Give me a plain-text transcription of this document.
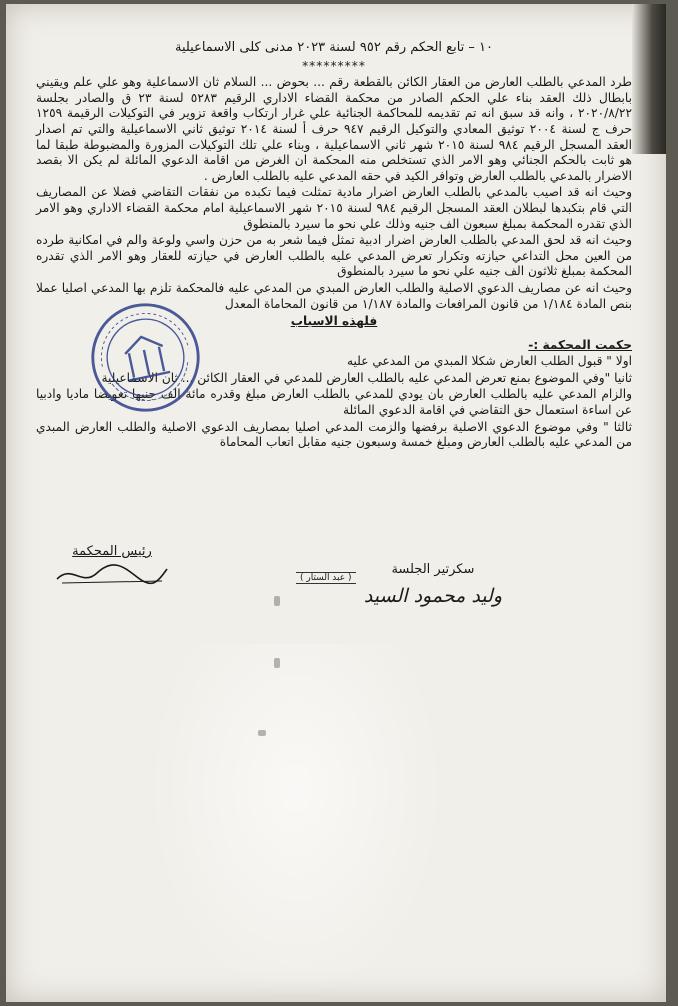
١٠ – تابع الحكم رقم ٩٥٢ لسنة ٢٠٢٣ مدنى كلى الاسماعيلية

*********

طرد المدعي بالطلب العارض من العقار الكائن بالقطعة رقم ... بحوض ... السلام ثان الاسماعلية وهو علي علم ويقيني بابطال ذلك العقد بناء علي الحكم الصادر من محكمة القضاء الاداري الرقيم ٥٢٨٣ لسنة ٢٣ ق والصادر بجلسة ٢٠٢٠/٨/٢٢ ، وانه قد سبق انه تم تقديمه للمحاكمة الجنائية علي غرار ارتكاب واقعة تزوير في التوكيلات الرقيمة ١٢٥٩ حرف ج لسنة ٢٠٠٤ توثيق المعادي والتوكيل الرقيم ٩٤٧ حرف أ لسنة ٢٠١٤ توثيق ثاني الاسماعيلية والتي تم اصدار العقد المسجل الرقيم ٩٨٤ لسنة ٢٠١٥ شهر ثاني الاسماعيلية ، وبناء علي تلك التوكيلات المزورة والمضبوطة طبقا لما هو ثابت بالحكم الجنائي وهو الامر الذي تستخلص منه المحكمة ان الغرض من اقامة الدعوي المائلة لم يكن الا بقصد الاضرار بالمدعي بالطلب العارض وتوافر الكيد في حقه المدعي عليه بالطلب العارض .

وحيث انه قد اصيب بالمدعي بالطلب العارض اضرار مادية تمثلت فيما تكبده من نفقات التقاضي فضلا عن المصاريف التي قام بتكبدها لبطلان العقد المسجل الرقيم ٩٨٤ لسنة ٢٠١٥ شهر الاسماعيلية امام محكمة القضاء الاداري وهو الامر الذي تقدره المحكمة بمبلغ سبعون الف جنيه وذلك علي نحو ما سيرد بالمنطوق

وحيث انه قد لحق المدعي بالطلب العارض اضرار ادبية تمثل فيما شعر به من حزن واسي ولوعة والم في امكانية طرده من العين محل التداعي حيازته وتكرار تعرض المدعي عليه بالطلب العارض في حيازته للعقار وهو الامر الذي تقدره المحكمة بمبلغ ثلاثون الف جنيه علي نحو ما سيرد بالمنطوق

وحيث انه عن مصاريف الدعوي الاصلية والطلب العارض المبدي من المدعي عليه فالمحكمة تلزم بها المدعي اصليا عملا بنص المادة ١/١٨٤ من قانون المرافعات والمادة ١/١٨٧ من قانون المحاماة المعدل

فلهذه الاسباب

حكمت المحكمة :-

اولا " قبول الطلب العارض شكلا المبدي من المدعي عليه

ثانيا "وفي الموضوع بمنع تعرض المدعي عليه بالطلب العارض للمدعي في العقار الكائن ... ثان الاسماعيلية

والزام المدعي عليه بالطلب العارض بان يودي للمدعي بالطلب العارض مبلغ وقدره مائة الف جنيها تعويضا ماديا وادبيا عن اساءة استعمال حق التقاضي في اقامة الدعوي المائلة

ثالثا " وفي موضوع الدعوي الاصلية برفضها والزمت المدعي اصليا بمصاريف الدعوي الاصلية والطلب العارض المبدي من المدعي عليه بالطلب العارض ومبلغ خمسة وسبعون جنيه مقابل اتعاب المحاماة

سكرتير الجلسة
وليد محمود السيد
( عبد الستار )
رئيس المحكمة
